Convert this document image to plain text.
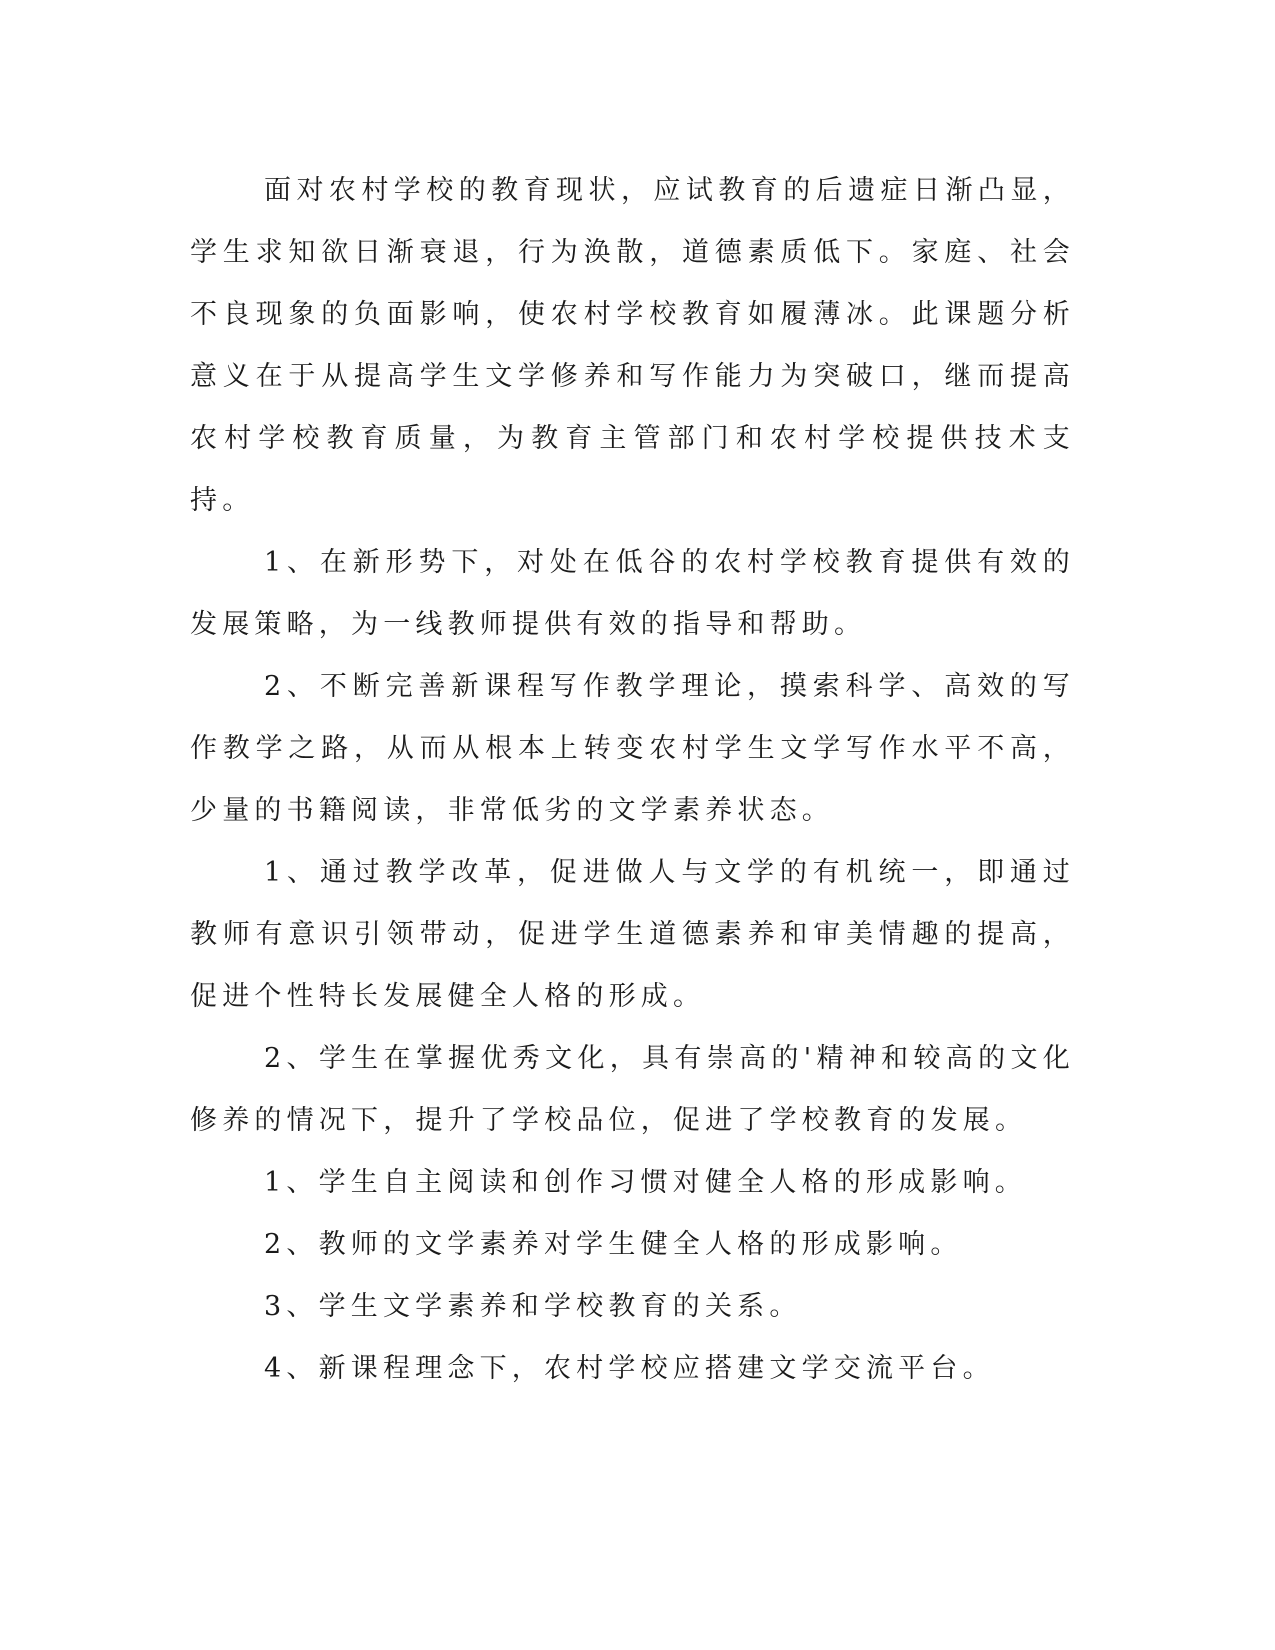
面对农村学校的教育现状，应试教育的后遗症日渐凸显，学生求知欲日渐衰退，行为涣散，道德素质低下。家庭、社会不良现象的负面影响，使农村学校教育如履薄冰。此课题分析意义在于从提高学生文学修养和写作能力为突破口，继而提高农村学校教育质量，为教育主管部门和农村学校提供技术支持。

1、在新形势下，对处在低谷的农村学校教育提供有效的发展策略，为一线教师提供有效的指导和帮助。

2、不断完善新课程写作教学理论，摸索科学、高效的写作教学之路，从而从根本上转变农村学生文学写作水平不高，少量的书籍阅读，非常低劣的文学素养状态。

1、通过教学改革，促进做人与文学的有机统一，即通过教师有意识引领带动，促进学生道德素养和审美情趣的提高，促进个性特长发展健全人格的形成。

2、学生在掌握优秀文化，具有崇高的'精神和较高的文化修养的情况下，提升了学校品位，促进了学校教育的发展。

1、学生自主阅读和创作习惯对健全人格的形成影响。

2、教师的文学素养对学生健全人格的形成影响。

3、学生文学素养和学校教育的关系。

4、新课程理念下，农村学校应搭建文学交流平台。
